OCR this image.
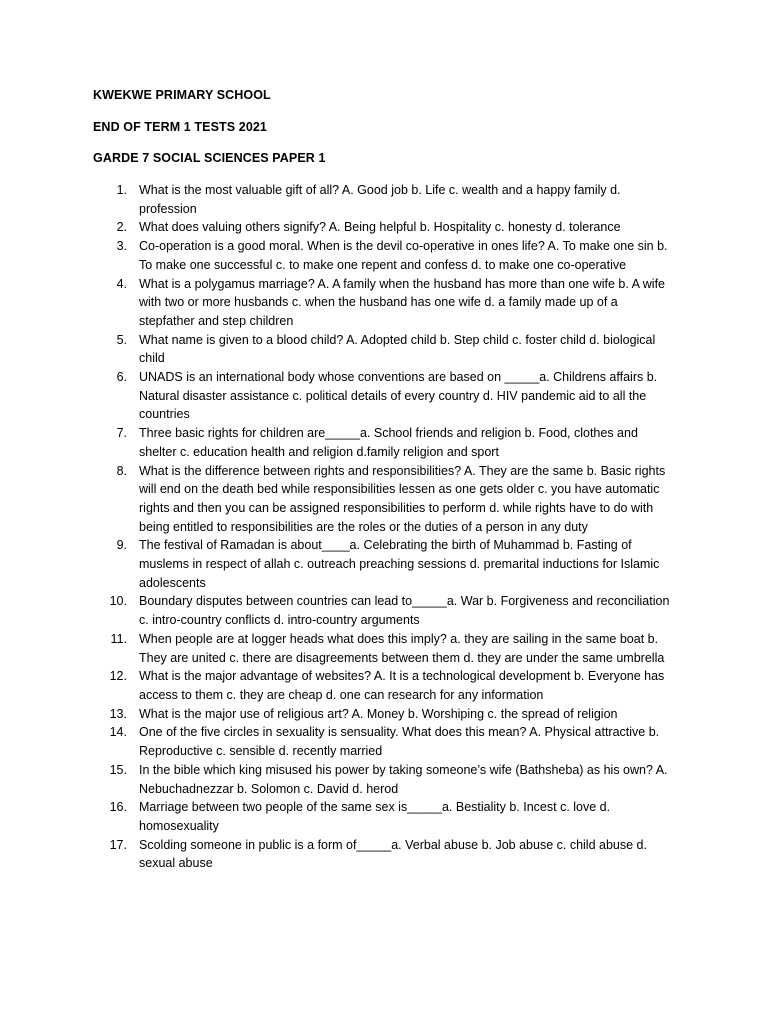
KWEKWE PRIMARY SCHOOL
END OF TERM 1 TESTS 2021
GARDE 7 SOCIAL SCIENCES PAPER 1
1. What is the most valuable gift of all? A. Good job b. Life c. wealth and a happy family d. profession
2. What does valuing others signify? A. Being helpful b. Hospitality c. honesty d. tolerance
3. Co-operation is a good moral. When is the devil co-operative in ones life? A. To make one sin b. To make one successful c. to make one repent and confess d. to make one co-operative
4. What is a polygamus marriage? A. A family when the husband has more than one wife b. A wife with two or more husbands c. when the husband has one wife d. a family made up of a stepfather and step children
5. What name is given to a blood child? A. Adopted child b. Step child c. foster child d. biological child
6. UNADS is an international body whose conventions are based on _____a. Childrens affairs b. Natural disaster assistance c. political details of every country d. HIV pandemic aid to all the countries
7. Three basic rights for children are_____a. School friends and religion b. Food, clothes and shelter c. education health and religion d.family religion and sport
8. What is the difference between rights and responsibilities? A. They are the same b. Basic rights will end on the death bed while responsibilities lessen as one gets older c. you have automatic rights and then you can be assigned responsibilities to perform d. while rights have to do with being entitled to responsibilities are the roles or the duties of a person in any duty
9. The festival of Ramadan is about____a. Celebrating the birth of Muhammad b. Fasting of muslems in respect of allah c. outreach preaching sessions d. premarital inductions for Islamic adolescents
10. Boundary disputes between countries can lead to_____a. War b. Forgiveness and reconciliation c. intro-country conflicts d. intro-country arguments
11. When people are at logger heads what does this imply? a. they are sailing in the same boat b. They are united c. there are disagreements between them d. they are under the same umbrella
12. What is the major advantage of websites? A. It is a technological development b. Everyone has access to them c. they are cheap d. one can research for any information
13. What is the major use of religious art? A. Money b. Worshiping c. the spread of religion
14. One of the five circles in sexuality is sensuality. What does this mean? A. Physical attractive b. Reproductive c. sensible d. recently married
15. In the bible which king misused his power by taking someone’s wife (Bathsheba) as his own? A. Nebuchadnezzar b. Solomon c. David d. herod
16. Marriage between two people of the same sex is_____a. Bestiality b. Incest c. love d. homosexuality
17. Scolding someone in public is a form of_____a. Verbal abuse b. Job abuse c. child abuse d. sexual abuse
